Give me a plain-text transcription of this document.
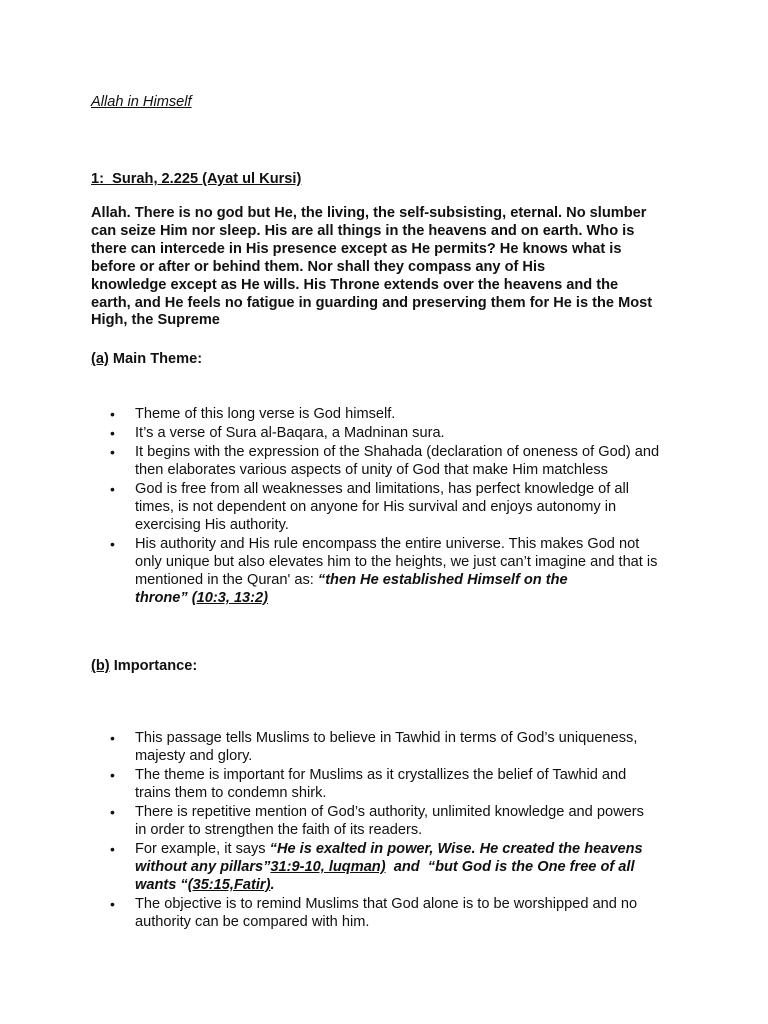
Allah in Himself
1:  Surah, 2.225 (Ayat ul Kursi)
Allah. There is no god but He, the living, the self-subsisting, eternal. No slumber
can seize Him nor sleep. His are all things in the heavens and on earth. Who is
there can intercede in His presence except as He permits? He knows what is
before or after or behind them. Nor shall they compass any of His
knowledge except as He wills. His Throne extends over the heavens and the
earth, and He feels no fatigue in guarding and preserving them for He is the Most
High, the Supreme
(a) Main Theme:
• Theme of this long verse is God himself.
• It’s a verse of Sura al-Baqara, a Madninan sura.
• It begins with the expression of the Shahada (declaration of oneness of God) and
then elaborates various aspects of unity of God that make Him matchless
• God is free from all weaknesses and limitations, has perfect knowledge of all
times, is not dependent on anyone for His survival and enjoys autonomy in
exercising His authority.
• His authority and His rule encompass the entire universe. This makes God not
only unique but also elevates him to the heights, we just can’t imagine and that is
mentioned in the Quran' as: “then He established Himself on the
throne” (10:3, 13:2)
(b) Importance:
• This passage tells Muslims to believe in Tawhid in terms of God’s uniqueness,
majesty and glory.
• The theme is important for Muslims as it crystallizes the belief of Tawhid and
trains them to condemn shirk.
• There is repetitive mention of God’s authority, unlimited knowledge and powers
in order to strengthen the faith of its readers.
• For example, it says “He is exalted in power, Wise. He created the heavens
without any pillars”31:9-10, luqman)  and  “but God is the One free of all
wants “(35:15,Fatir).
• The objective is to remind Muslims that God alone is to be worshipped and no
authority can be compared with him.
